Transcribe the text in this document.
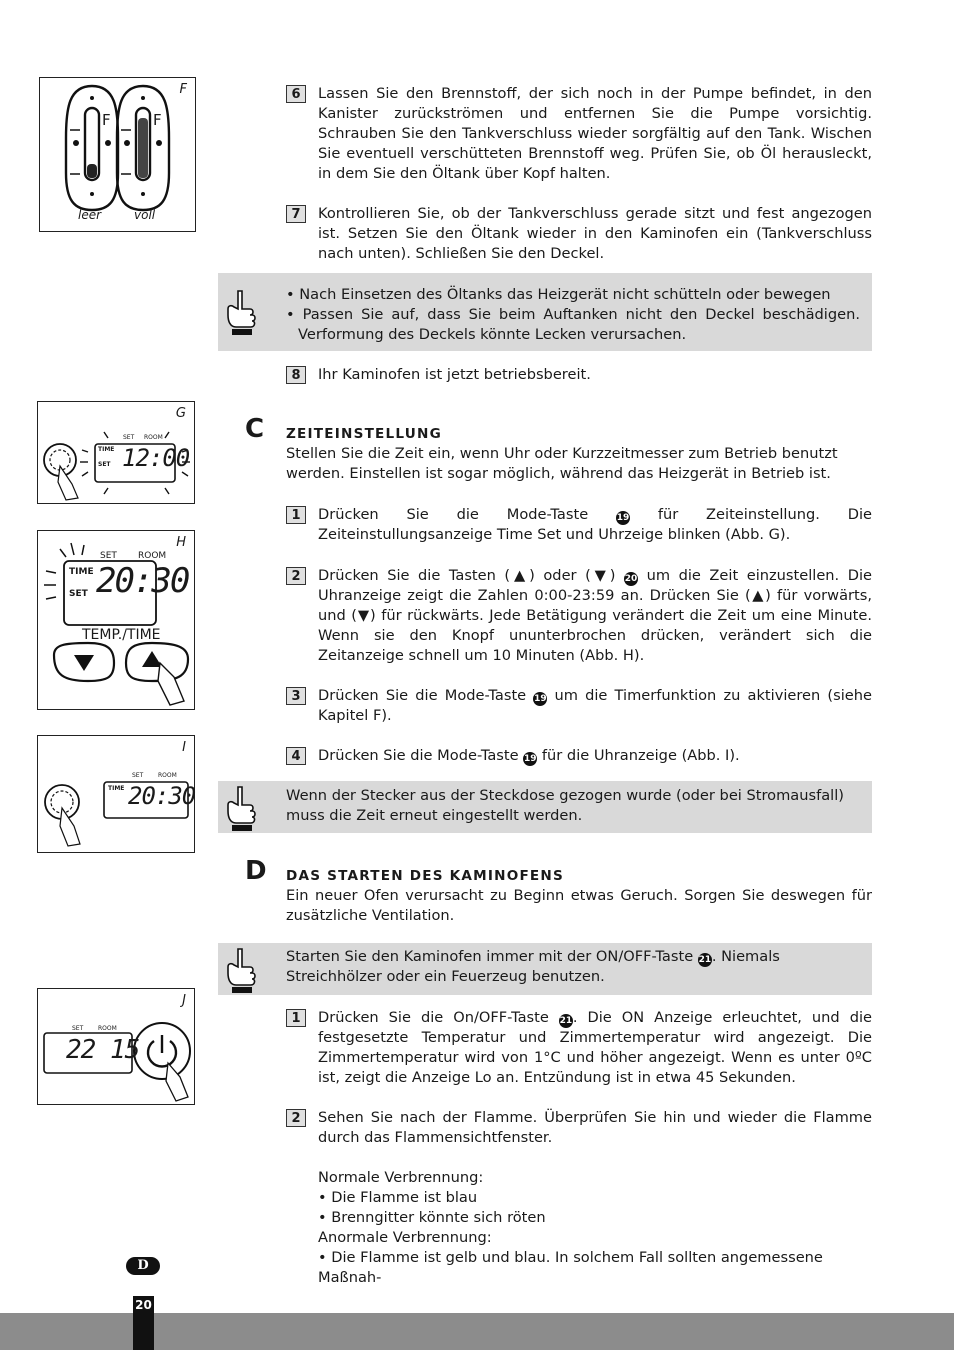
F
F	F
leer	voll
G
SET ROOM
TIME
SET 12:00
H
SET ROOM
TIME
SET 20:30
TEMP./TIME
I
SET ROOM
TIME 20:30
J
SET ROOM
22 15
6	Lassen Sie den Brennstoff, der sich noch in der Pumpe befindet, in den Kanister zurückströmen und entfernen Sie die Pumpe vorsichtig. Schrauben Sie den Tankverschluss wieder sorgfältig auf den Tank. Wischen Sie eventuell verschütteten Brennstoff weg. Prüfen Sie, ob Öl herausleckt, in dem Sie den Öltank über Kopf halten.
7	Kontrollieren Sie, ob der Tankverschluss gerade sitzt und fest angezogen ist. Setzen Sie den Öltank wieder in den Kaminofen ein (Tankverschluss nach unten). Schließen Sie den Deckel.
• Nach Einsetzen des Öltanks das Heizgerät nicht schütteln oder bewegen
• Passen Sie auf, dass Sie beim Auftanken nicht den Deckel beschädigen. Verformung des Deckels könnte Lecken verursachen.
8	Ihr Kaminofen ist jetzt betriebsbereit.
C ZEITEINSTELLUNG
Stellen Sie die Zeit ein, wenn Uhr oder Kurzzeitmesser zum Betrieb benutzt werden. Einstellen ist sogar möglich, während das Heizgerät in Betrieb ist.
1	Drücken Sie die Mode-Taste 19 für Zeiteinstellung. Die Zeiteinstullungsanzeige Time Set und Uhrzeige blinken (Abb. G).
2	Drücken Sie die Tasten (▲) oder (▼) 20 um die Zeit einzustellen. Die Uhranzeige zeigt die Zahlen 0:00-23:59 an. Drücken Sie (▲) für vorwärts, und (▼) für rückwärts. Jede Betätigung verändert die Zeit um eine Minute. Wenn sie den Knopf ununterbrochen drücken, verändert sich die Zeitanzeige schnell um 10 Minuten (Abb. H).
3	Drücken Sie die Mode-Taste 19 um die Timerfunktion zu aktivieren (siehe Kapitel F).
4	Drücken Sie die Mode-Taste 19 für die Uhranzeige (Abb. I).
Wenn der Stecker aus der Steckdose gezogen wurde (oder bei Stromausfall) muss die Zeit erneut eingestellt werden.
D DAS STARTEN DES KAMINOFENS
Ein neuer Ofen verursacht zu Beginn etwas Geruch. Sorgen Sie deswegen für zusätzliche Ventilation.
Starten Sie den Kaminofen immer mit der ON/OFF-Taste 21. Niemals Streichhölzer oder ein Feuerzeug benutzen.
1	Drücken Sie die On/OFF-Taste 21. Die ON Anzeige erleuchtet, und die festgesetzte Temperatur und Zimmertemperatur wird angezeigt. Die Zimmertemperatur wird von 1°C und höher angezeigt. Wenn es unter 0ºC ist, zeigt die Anzeige Lo an. Entzündung ist in etwa 45 Sekunden.
2	Sehen Sie nach der Flamme. Überprüfen Sie hin und wieder die Flamme durch das Flammensichtfenster.
Normale Verbrennung:
• Die Flamme ist blau
• Brenngitter könnte sich röten
Anormale Verbrennung:
• Die Flamme ist gelb und blau. In solchem Fall sollten angemessene Maßnah-
D
20
